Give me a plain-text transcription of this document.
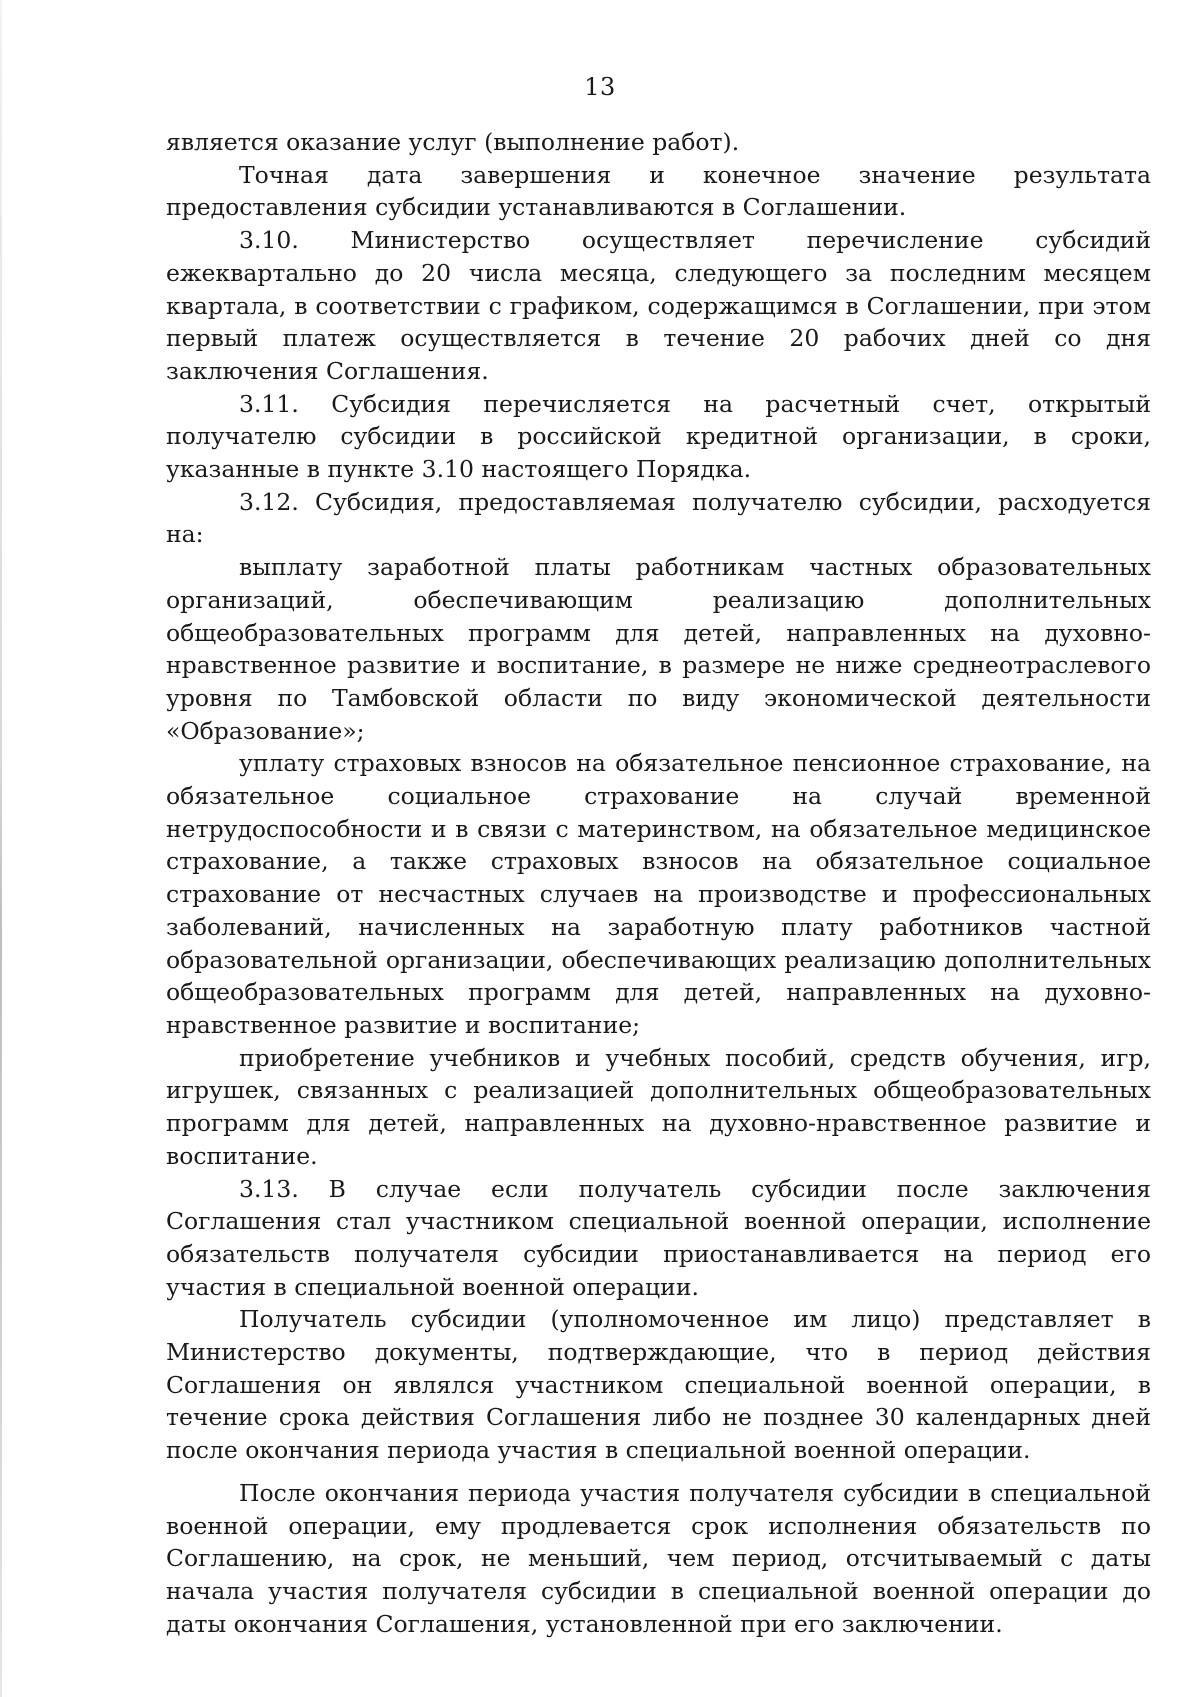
13

является оказание услуг (выполнение работ).

Точная дата завершения и конечное значение результата предоставления субсидии устанавливаются в Соглашении.

3.10. Министерство осуществляет перечисление субсидий ежеквартально до 20 числа месяца, следующего за последним месяцем квартала, в соответствии с графиком, содержащимся в Соглашении, при этом первый платеж осуществляется в течение 20 рабочих дней со дня заключения Соглашения.

3.11. Субсидия перечисляется на расчетный счет, открытый получателю субсидии в российской кредитной организации, в сроки, указанные в пункте 3.10 настоящего Порядка.

3.12. Субсидия, предоставляемая получателю субсидии, расходуется на:

выплату заработной платы работникам частных образовательных организаций, обеспечивающим реализацию дополнительных общеобразовательных программ для детей, направленных на духовно-нравственное развитие и воспитание, в размере не ниже среднеотраслевого уровня по Тамбовской области по виду экономической деятельности «Образование»;

уплату страховых взносов на обязательное пенсионное страхование, на обязательное социальное страхование на случай временной нетрудоспособности и в связи с материнством, на обязательное медицинское страхование, а также страховых взносов на обязательное социальное страхование от несчастных случаев на производстве и профессиональных заболеваний, начисленных на заработную плату работников частной образовательной организации, обеспечивающих реализацию дополнительных общеобразовательных программ для детей, направленных на духовно-нравственное развитие и воспитание;

приобретение учебников и учебных пособий, средств обучения, игр, игрушек, связанных с реализацией дополнительных общеобразовательных программ для детей, направленных на духовно-нравственное развитие и воспитание.

3.13. В случае если получатель субсидии после заключения Соглашения стал участником специальной военной операции, исполнение обязательств получателя субсидии приостанавливается на период его участия в специальной военной операции.

Получатель субсидии (уполномоченное им лицо) представляет в Министерство документы, подтверждающие, что в период действия Соглашения он являлся участником специальной военной операции, в течение срока действия Соглашения либо не позднее 30 календарных дней после окончания периода участия в специальной военной операции.

После окончания периода участия получателя субсидии в специальной военной операции, ему продлевается срок исполнения обязательств по Соглашению, на срок, не меньший, чем период, отсчитываемый с даты начала участия получателя субсидии в специальной военной операции до даты окончания Соглашения, установленной при его заключении.
